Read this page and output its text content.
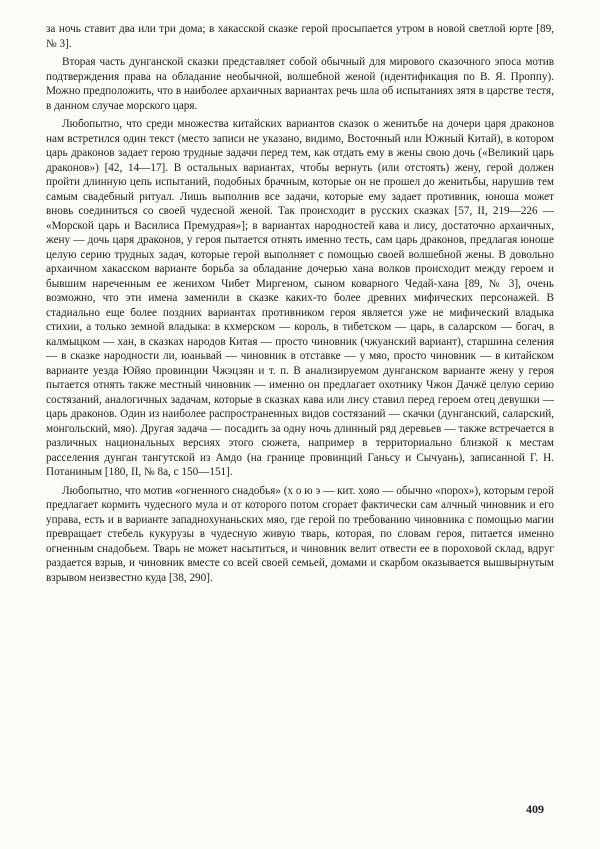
за ночь ставит два или три дома; в хакасской сказке герой просыпается утром в новой светлой юрте [89, № 3].

Вторая часть дунганской сказки представляет собой обычный для мирового сказочного эпоса мотив подтверждения права на обладание необычной, волшебной женой (идентификация по В. Я. Проппу). Можно предположить, что в наиболее архаичных вариантах речь шла об испытаниях зятя в царстве тестя, в данном случае морского царя.

Любопытно, что среди множества китайских вариантов сказок о женитьбе на дочери царя драконов нам встретился один текст (место записи не указано, видимо, Восточный или Южный Китай), в котором царь драконов задает герою трудные задачи перед тем, как отдать ему в жены свою дочь («Великий царь драконов») [42, 14—17]. В остальных вариантах, чтобы вернуть (или отстоять) жену, герой должен пройти длинную цепь испытаний, подобных брачным, которые он не прошел до женитьбы, нарушив тем самым свадебный ритуал. Лишь выполнив все задачи, которые ему задает противник, юноша может вновь соединиться со своей чудесной женой. Так происходит в русских сказках [57, II, 219—226 — «Морской царь и Василиса Премудрая»]; в вариантах народностей кава и лису, достаточно архаичных, жену — дочь царя драконов, у героя пытается отнять именно тесть, сам царь драконов, предлагая юноше целую серию трудных задач, которые герой выполняет с помощью своей волшебной жены. В довольно архаичном хакасском варианте борьба за обладание дочерью хана волков происходит между героем и бывшим нареченным ее женихом Чибет Миргеном, сыном коварного Чедай-хана [89, № 3], очень возможно, что эти имена заменили в сказке каких-то более древних мифических персонажей. В стадиально еще более поздних вариантах противником героя является уже не мифический владыка стихии, а только земной владыка: в кхмерском — король, в тибетском — царь, в саларском — богач, в калмыцком — хан, в сказках народов Китая — просто чиновник (чжуанский вариант), старшина селения — в сказке народности ли, юаньвай — чиновник в отставке — у мяо, просто чиновник — в китайском варианте уезда Юйяо провинции Чжэцзян и т. п. В анализируемом дунганском варианте жену у героя пытается отнять также местный чиновник — именно он предлагает охотнику Чжон Дачжё целую серию состязаний, аналогичных задачам, которые в сказках кава или лису ставил перед героем отец девушки — царь драконов. Один из наиболее распространенных видов состязаний — скачки (дунганский, саларский, монгольский, мяо). Другая задача — посадить за одну ночь длинный ряд деревьев — также встречается в различных национальных версиях этого сюжета, например в территориально близкой к местам расселения дунган тангутской из Амдо (на границе провинций Ганьсу и Сычуань), записанной Г. Н. Потаниным [180, II, № 8а, с 150—151].

Любопытно, что мотив «огненного снадобья» (х о ю э — кит. хояо — обычно «порох»), которым герой предлагает кормить чудесного мула и от которого потом сгорает фактически сам алчный чиновник и его управа, есть и в варианте западнохунаньских мяо, где герой по требованию чиновника с помощью магии превращает стебель кукурузы в чудесную живую тварь, которая, по словам героя, питается именно огненным снадобьем. Тварь не может насытиться, и чиновник велит отвести ее в пороховой склад, вдруг раздается взрыв, и чиновник вместе со всей своей семьей, домами и скарбом оказывается вышвырнутым взрывом неизвестно куда [38, 290].

409
